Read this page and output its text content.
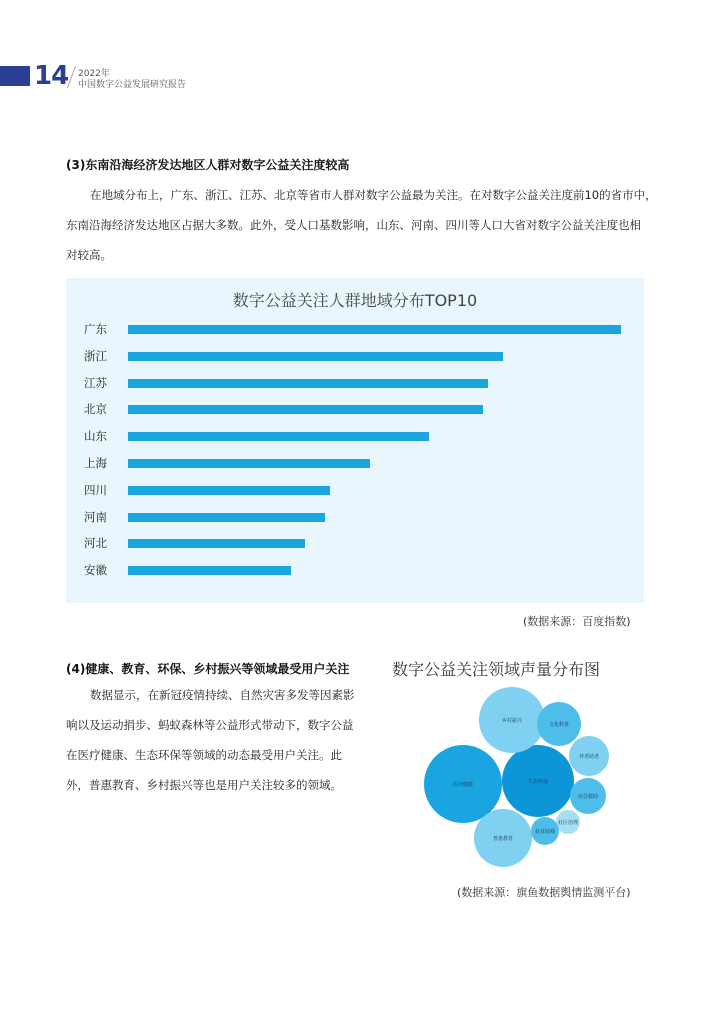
14 2022年
中国数字公益发展研究报告
(3)东南沿海经济发达地区人群对数字公益关注度较高
在地域分布上，广东、浙江、江苏、北京等省市人群对数字公益最为关注。在对数字公益关注度前10的省市中，
东南沿海经济发达地区占据大多数。此外，受人口基数影响，山东、河南、四川等人口大省对数字公益关注度也相
对较高。
数字公益关注人群地域分布TOP10
广东
浙江
江苏
北京
山东
上海
四川
河南
河北
安徽
(数据来源：百度指数)
(4)健康、教育、环保、乡村振兴等领域最受用户关注
数据显示，在新冠疫情持续、自然灾害多发等因素影
响以及运动捐步、蚂蚁森林等公益形式带动下，数字公益
在医疗健康、生态环保等领域的动态最受用户关注。此
外，普惠教育、乡村振兴等也是用户关注较多的领域。
数字公益关注领域声量分布图
医疗健康	生态环保
乡村振兴
普惠教育
文化科普
养老助老
应急救助
社区治理
扶贫助残
(数据来源：旗鱼数据舆情监测平台)
